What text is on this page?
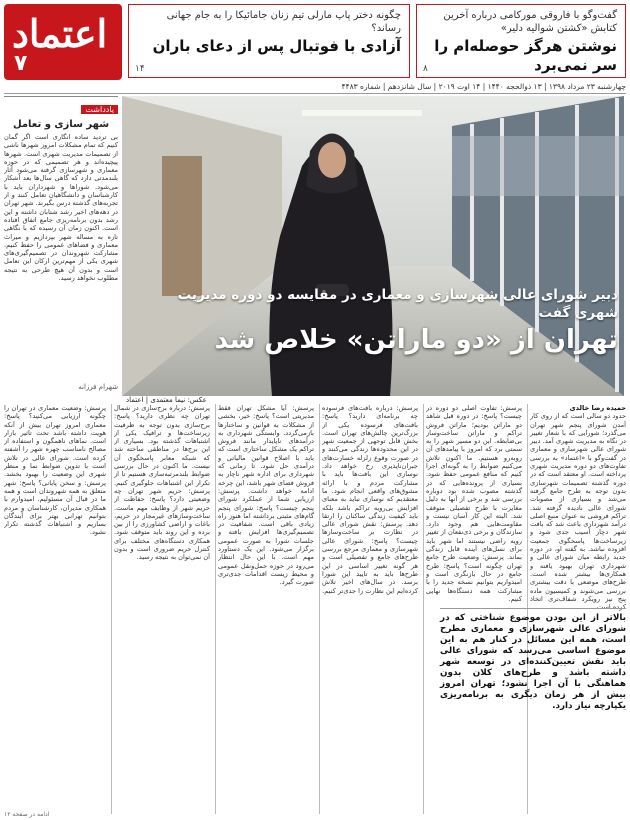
گفت‌وگو با فاروقی مورکامی درباره آخرین کتابش «کشتن شوالیه دلیر»
نوشتن هرگز حوصله‌ام را سر نمی‌برد
۸
چگونه دختر پاپ مارلی تیم زنان جامائیکا را به جام جهانی رساند؟
آزادی با فوتبال پس از دعای باران
۱۴
اعتماد
۷
چهارشنبه ۲۳ مرداد ۱۳۹۸ | ۱۳ ذوالحجه ۱۴۴۰ | ۱۴ اوت ۲۰۱۹ | سال شانزدهم | شماره ۴۴۸۳
یادداشت
شهر سازی و تعامل
بی تردید ساده انگاری است اگر گمان کنیم که تمام مشکلات امروز شهرها ناشی از تصمیمات مدیریت شهری است. شهرها پیچیده‌اند و هر تصمیمی که در حوزه معماری و شهرسازی گرفته می‌شود آثار بلندمدتی دارد که گاهی سال‌ها بعد آشکار می‌شود. شوراها و شهرداران باید با کارشناسان و دانشگاهیان تعامل کنند و از تجربه‌های گذشته درس بگیرند. شهر تهران در دهه‌های اخیر رشد شتابان داشته و این رشد بدون برنامه‌ریزی جامع اتفاق افتاده است. اکنون زمان آن رسیده که با نگاهی تازه به مساله شهر بپردازیم و میراث معماری و فضاهای عمومی را حفظ کنیم. مشارکت شهروندان در تصمیم‌گیری‌های شهری یکی از مهم‌ترین ارکان این تعامل است و بدون آن هیچ طرحی به نتیجه مطلوب نخواهد رسید.
شهرام فرزانه
دبیر شورای عالی شهرسازی و معماری در مقایسه دو دوره مدیریت شهری گفت
تهران از «دو ماراتن» خلاص شد
عکس: نیما معتمدی | اعتماد
حمیده رضا خالدی
حدود دو سالی است که از روی کار آمدن شورای پنجم شهر تهران می‌گذرد؛ شورایی که با شعار تغییر در نگاه به مدیریت شهری آمد. دبیر شورای عالی شهرسازی و معماری در گفت‌وگو با «اعتماد» به بررسی تفاوت‌های دو دوره مدیریت شهری پرداخته است. او معتقد است که در دوره گذشته تصمیمات شهرسازی بدون توجه به طرح جامع گرفته می‌شد و بسیاری از مصوبات شورای عالی نادیده گرفته شد. تراکم فروشی به عنوان منبع اصلی درآمد شهرداری باعث شد که بافت شهر دچار آسیب جدی شود و زیرساخت‌ها پاسخگوی جمعیت افزوده نباشد. به گفته او، در دوره جدید رابطه میان شورای عالی و شهرداری تهران بهبود یافته و همکاری‌ها بیشتر شده است. طرح‌های موضعی با دقت بیشتری بررسی می‌شوند و کمیسیون ماده پنج نیز رویکرد شفاف‌تری اتخاذ کرده است.
پرسش: تفاوت اصلی دو دوره در چیست؟ پاسخ: در دوره قبل شاهد دو ماراتن بودیم؛ ماراتن فروش تراکم و ماراتن ساخت‌وساز بی‌ضابطه. این دو مسیر شهر را به سمتی برد که امروز با پیامدهای آن روبه‌رو هستیم. ما اکنون تلاش می‌کنیم ضوابط را به گونه‌ای اجرا کنیم که منافع عمومی حفظ شود. بسیاری از پرونده‌هایی که در گذشته مصوب شده بود دوباره بررسی شد و برخی از آنها به دلیل مغایرت با طرح تفصیلی متوقف شد. البته این کار آسان نیست و مقاومت‌هایی هم وجود دارد. سازندگان و برخی ذی‌نفعان از تغییر رویه راضی نیستند اما شهر باید برای نسل‌های آینده قابل زندگی بماند. پرسش: وضعیت طرح جامع تهران چگونه است؟ پاسخ: طرح جامع در حال بازنگری است و امیدواریم بتوانیم نسخه جدید را با مشارکت همه دستگاه‌ها نهایی کنیم.
پرسش: درباره بافت‌های فرسوده چه برنامه‌ای دارید؟ پاسخ: بافت‌های فرسوده یکی از بزرگ‌ترین چالش‌های تهران است. بخش قابل توجهی از جمعیت شهر در این محدوده‌ها زندگی می‌کنند و در صورت وقوع زلزله خسارت‌های جبران‌ناپذیری رخ خواهد داد. نوسازی این بافت‌ها باید با مشارکت مردم و با ارائه مشوق‌های واقعی انجام شود. ما معتقدیم که نوسازی نباید به معنای افزایش بی‌رویه تراکم باشد بلکه باید کیفیت زندگی ساکنان را ارتقا دهد. پرسش: نقش شورای عالی در نظارت بر ساخت‌وسازها چیست؟ پاسخ: شورای عالی شهرسازی و معماری مرجع بررسی طرح‌های جامع و تفصیلی است و هر گونه تغییر اساسی در این طرح‌ها باید به تایید این شورا برسد. در سال‌های اخیر تلاش کرده‌ایم این نظارت را جدی‌تر کنیم.
پرسش: آیا مشکل تهران فقط مدیریتی است؟ پاسخ: خیر، بخشی از مشکلات به قوانین و ساختارها بازمی‌گردد. وابستگی شهرداری به درآمدهای ناپایدار مانند فروش تراکم یک مشکل ساختاری است که باید با اصلاح قوانین مالیاتی و درآمدی حل شود. تا زمانی که شهرداری برای اداره شهر ناچار به فروش فضای شهر باشد، این چرخه ادامه خواهد داشت. پرسش: ارزیابی شما از عملکرد شورای پنجم چیست؟ پاسخ: شورای پنجم گام‌های مثبتی برداشته اما هنوز راه زیادی باقی است. شفافیت در تصمیم‌گیری‌ها افزایش یافته و جلسات شورا به صورت عمومی برگزار می‌شود. این یک دستاورد مهم است. با این حال انتظار می‌رود در حوزه حمل‌ونقل عمومی و محیط زیست اقدامات جدی‌تری صورت گیرد.
پرسش: درباره برج‌سازی در شمال تهران چه نظری دارید؟ پاسخ: برج‌سازی بدون توجه به ظرفیت زیرساخت‌ها و ترافیک یکی از اشتباهات گذشته بود. بسیاری از این برج‌ها در مناطقی ساخته شد که شبکه معابر پاسخگوی آن نیست. ما اکنون در حال بررسی ضوابط بلندمرتبه‌سازی هستیم تا از تکرار این اشتباهات جلوگیری کنیم. پرسش: حریم شهر تهران چه وضعیتی دارد؟ پاسخ: حفاظت از حریم شهر از وظایف مهم ماست. ساخت‌وسازهای غیرمجاز در حریم، باغات و اراضی کشاورزی را از بین برده و این روند باید متوقف شود. همکاری دستگاه‌های مختلف برای کنترل حریم ضروری است و بدون آن نمی‌توان به نتیجه رسید.
پرسش: وضعیت معماری در تهران را چگونه ارزیابی می‌کنید؟ پاسخ: معماری امروز تهران بیش از آنکه هویت داشته باشد تحت تاثیر بازار است. نماهای ناهمگون و استفاده از مصالح نامناسب چهره شهر را آشفته کرده است. شورای عالی در تلاش است با تدوین ضوابط نما و منظر شهری این وضعیت را بهبود بخشد. پرسش: و سخن پایانی؟ پاسخ: شهر متعلق به همه شهروندان است و همه ما در قبال آن مسئولیم. امیدوارم با همکاری مدیران، کارشناسان و مردم بتوانیم تهرانی بهتر برای آیندگان بسازیم و اشتباهات گذشته تکرار نشود.
بالاتر از این بودن موضوع شناختی که در شورای عالی شهرسازی و معماری مطرح است، همه این مسائل در کنار هم به این موضوع اساسی می‌رسد که شورای عالی باید نقش تعیین‌کننده‌ای در توسعه شهر داشته باشد و طرح‌های کلان بدون هماهنگی با آن اجرا نشود؛ تهران امروز بیش از هر زمان دیگری به برنامه‌ریزی یکپارچه نیاز دارد.
ادامه در صفحه ۱۲
